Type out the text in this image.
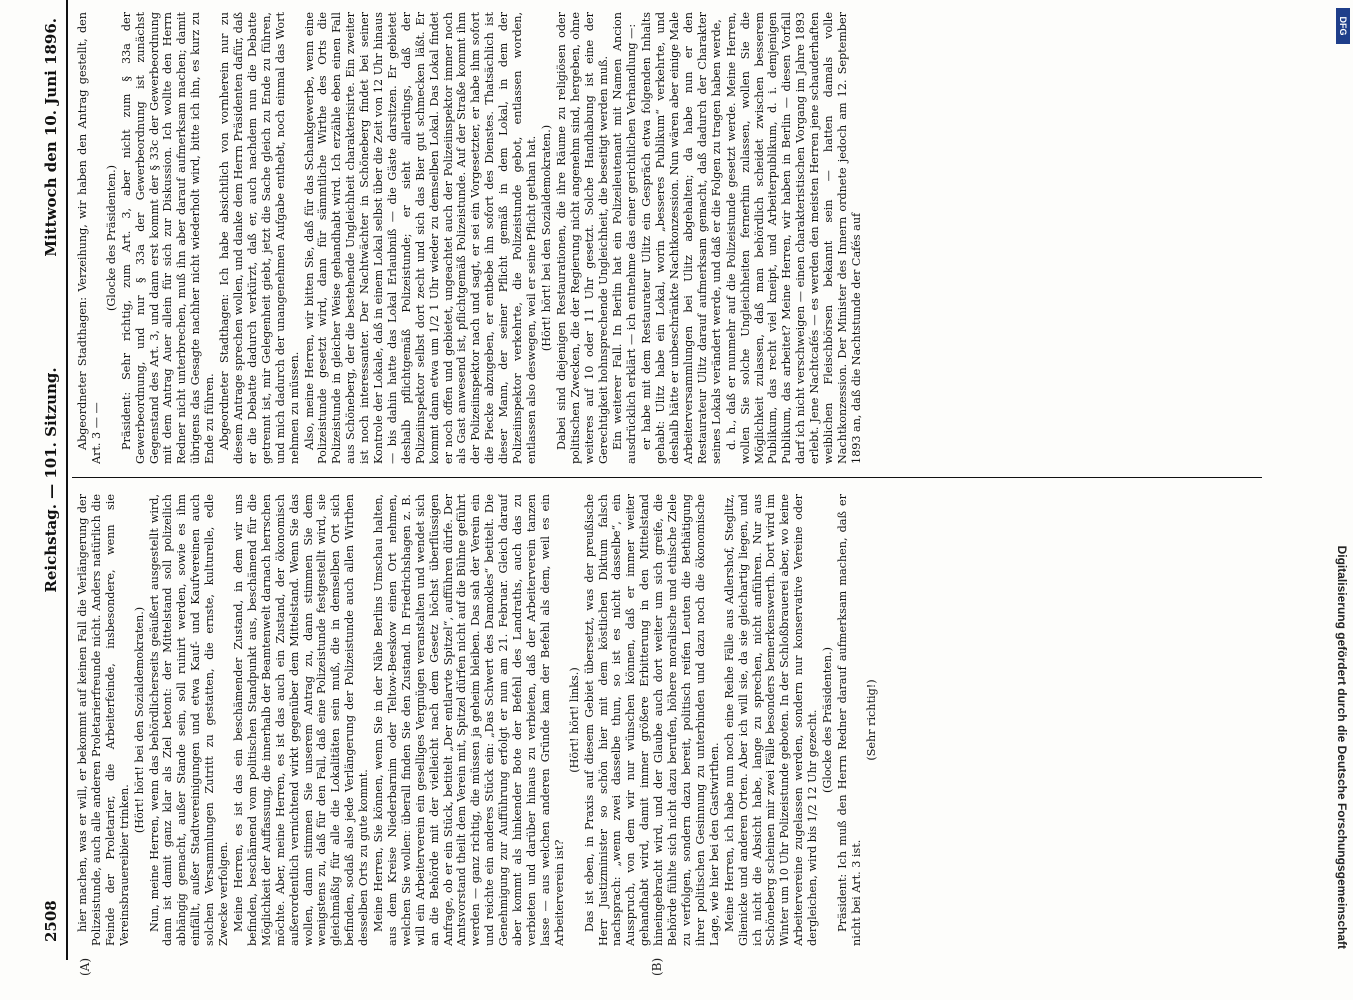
2508
Reichstag. — 101. Sitzung.
Mittwoch den 10. Juni 1896.
(A)	(B)

hier machen, was er will, er bekommt auf keinen Fall die Verlängerung der Polizeistunde, auch alle anderen Proletarierfreunde nicht. Anders natürlich die Feinde der Proletarier, die Arbeiterfeinde, insbesondere, wenn sie Vereinsbrauereibier trinken.

(Hört! hört! bei den Sozialdemokraten.) Nun, meine Herren, wenn das behördlicherseits geäußert ausgestellt wird, dann ist damit ganz klar als Ziel betont: der Mittelstand soll polizeilich abhängig gemacht, außer Stande sein, soll ruinirt werden, sowie es ihm einfällt, außer Stadtvereinigungen und etwa Kauf- und Kaufvereinen auch solchen Versammlungen Zutritt zu gestatten, die ernste, kulturelle, edle Zwecke verfolgen. Meine Herren, es ist das ein beschämender Zustand, in dem wir uns befinden, beschämend vom politischen Standpunkt aus, beschämend für die Möglichkeit der Auffassung, die innerhalb der Beamtenwelt darnach herrschen möchte. Aber, meine Herren, es ist das auch ein Zustand, der ökonomisch außerordentlich vernichtend wirkt gegenüber dem Mittelstand. Wenn Sie das wollen, dann stimmen Sie unserem Antrag zu, dann stimmen Sie dem wenigstens zu, daß für den Fall, daß eine Polizeistunde festgestellt wird, sie gleichmäßig für alle die Lokalitäten sein muß, die in demselben Ort sich befinden, sodaß also jede Verlängerung der Polizeistunde auch allen Wirthen desselben Orts zu gute kommt. Meine Herren, Sie können, wenn Sie in der Nähe Berlins Umschau halten, aus dem Kreise Niederbarnim oder Teltow-Beeskow einen Ort nehmen, welchen Sie wollen: überall finden Sie den Zustand. In Friedrichshagen z. B. will ein Arbeiterverein ein geselliges Vergnügen veranstalten und wendet sich an die Behörde mit der vielleicht nach dem Gesetz höchst überflüssigen Anfrage, ob er ein Stück, betitelt „Der entlarvte Spitzel“, aufführen dürfe. Der Amtsvorstand theilt dem Verein mit, Spitzel dürfen nicht auf die Bühne geführt werden — ganz richtig, die müssen ja geheim bleiben. Das sah der Verein ein und reichte ein anderes Stück ein: „Das Schwert des Damokles“ betitelt. Die Genehmigung zur Aufführung erfolgt er nun am 21. Februar. Gleich darauf aber kommt als hinkender Bote der Befehl des Landraths, auch das zu verbieten und darüber hinaus zu verbieten, daß der Arbeiterverein tanzen lasse — aus welchen anderen Gründe kam der Befehl als dem, weil es ein Arbeiterverein ist?

(Hört! hört! links.) Das ist eben, in Praxis auf diesem Gebiet übersetzt, was der preußische Herr Justizminister so schön hier mit dem köstlichen Diktum falsch nachsprach: „wenn zwei dasselbe thun, so ist es nicht dasselbe“, ein Ausspruch, von dem wir nur wünschen können, daß er immer weiter gehandhabt wird, damit immer größere Erbitterung in den Mittelstand hineingebracht wird, und der Glaube auch dort weiter um sich greife, die Behörde fühlte sich nicht dazu berufen, höhere moralische und ethische Ziele zu verfolgen, sondern dazu bereit, politisch reifen Leuten die Bethätigung ihrer politischen Gesinnung zu unterbinden und dazu noch die ökonomische Lage, wie hier bei den Gastwirthen. Meine Herren, ich habe nun noch eine Reihe Fälle aus Adlershof, Steglitz, Glienicke und anderen Orten. Aber ich will sie, da sie gleichartig liegen, und ich nicht die Absicht habe, lange zu sprechen, nicht anführen. Nur aus Schöneberg scheinen mir zwei Fälle besonders bemerkenswerth. Dort wird im Winter um 10 Uhr Polizeistunde geboten. In der Schloßbrauerei aber, wo keine Arbeitervereine zugelassen werden, sondern nur konservative Vereine oder dergleichen, wird bis 1/2 12 Uhr gezecht. (Glocke des Präsidenten.) Präsident: Ich muß den Herrn Redner darauf aufmerksam machen, daß er nicht bei Art. 3 ist.

(Sehr richtig!)

Abgeordneter Stadthagen: Verzeihung, wir haben den Antrag gestellt, den Art. 3 — —

(Glocke des Präsidenten.) Präsident: Sehr richtig, zum Art. 3, aber nicht zum § 33a der Gewerbeordnung, und nur § 33a der Gewerbeordnung ist zunächst Gegenstand des Art. 3, und dann erst kommt der § 33c der Gewerbeordnung mit dem Antrag Auer allein für sich zur Diskussion. Ich wollte den Herrn Redner nicht unterbrechen, muß ihn aber darauf aufmerksam machen; damit übrigens das Gesagte nachher nicht wiederholt wird, bitte ich ihn, es kurz zu Ende zu führen. Abgeordneter Stadthagen: Ich habe absichtlich von vornherein nur zu diesem Antrage sprechen wollen, und danke dem Herrn Präsidenten dafür, daß er die Debatte dadurch verkürzt, daß er, auch nachdem nun die Debatte getrennt ist, mir Gelegenheit giebt, jetzt die Sache gleich zu Ende zu führen, und mich dadurch der unangenehmen Aufgabe enthebt, noch einmal das Wort nehmen zu müssen. Also, meine Herren, wir bitten Sie, daß für das Schankgewerbe, wenn eine Polizeistunde gesetzt wird, dann für sämmtliche Wirthe des Orts die Polizeistunde in gleicher Weise gehandhabt wird. Ich erzähle eben einen Fall aus Schöneberg, der die bestehende Ungleichheit charakterisirte. Ein zweiter ist noch interessanter. Der Nachtwächter in Schöneberg findet bei seiner Kontrole der Lokale, daß in einem Lokal selbst über die Zeit von 12 Uhr hinaus — bis dahin hatte das Lokal Erlaubniß — die Gäste darsitzen. Er gebietet deshalb pflichtgemäß Polizeistunde; er sieht allerdings, daß der Polizeiinspektor selbst dort zecht und sich das Bier gut schmecken läßt. Er kommt dann etwa um 1/2 1 Uhr wieder zu demselben Lokal. Das Lokal findet er noch offen und gebietet, ungeachtet auch der Polizeiinspektor immer noch als Gast anwesend ist, pflichtgemäß Polizeistunde. Auf der Straße kommt ihm der Polizeiinspektor nach und sagt, er sei ein Vorgesetzter, er habe ihm sofort die Piecke abzugeben, er entbebe ihn sofort des Dienstes. Thatsächlich ist dieser Mann, der seiner Pflicht gemäß in dem Lokal, in dem der Polizeiinspektor verkehrte, die Polizeistunde gebot, entlassen worden, entlassen also deswegen, weil er seine Pflicht gethan hat. (Hört! hört! bei den Sozialdemokraten.) Dabei sind diejenigen Restaurationen, die ihre Räume zu religiösen oder politischen Zwecken, die der Regierung nicht angenehm sind, hergeben, ohne weiteres auf 10 oder 11 Uhr gesetzt. Solche Handhabung ist eine der Gerechtigkeit hohnsprechende Ungleichheit, die beseitigt werden muß. Ein weiterer Fall. In Berlin hat ein Polizeileutenant mit Namen Ancion ausdrücklich erklärt — ich entnehme das einer gerichtlichen Verhandlung —: er habe mit dem Restaurateur Ulitz ein Gespräch etwa folgenden Inhalts gehabt: Ulitz habe ein Lokal, worin „besseres Publikum“ verkehrte, und deshalb hätte er unbeschränkte Nachtkonzession. Nun wären aber einige Male Arbeiterversammlungen bei Ulitz abgehalten; da habe nun er den Restaurateur Ulitz darauf aufmerksam gemacht, daß dadurch der Charakter seines Lokals verändert werde, und daß er die Folgen zu tragen haben werde, d. h., daß er nunmehr auf die Polizeistunde gesetzt werde. Meine Herren, wollen Sie solche Ungleichheiten fernerhin zulassen, wollen Sie die Möglichkeit zulassen, daß man behördlich scheidet zwischen besserem Publikum, das recht viel kneipt, und Arbeiterpublikum, d. i. demjenigen Publikum, das arbeitet? Meine Herren, wir haben in Berlin — diesen Vorfall darf ich nicht verschweigen — einen charakteristischen Vorgang im Jahre 1893 erlebt. Jene Nachtcafés — es werden den meisten Herren jene schauderhaften weiblichen Fleischbörsen bekannt sein — hatten damals volle Nachtkonzession. Der Minister des Innern ordnete jedoch am 12. September 1893 an, daß die Nachtstunde der Cafés auf

DFG
Digitalisierung gefördert durch die Deutsche Forschungsgemeinschaft
